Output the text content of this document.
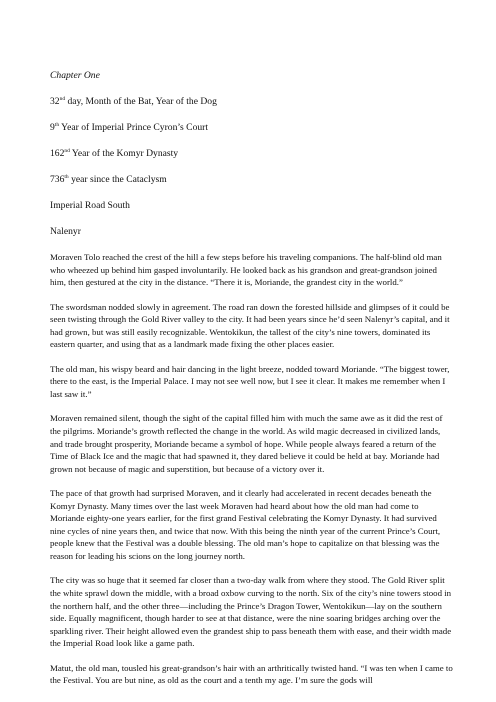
Chapter One
32nd day, Month of the Bat, Year of the Dog
9th Year of Imperial Prince Cyron’s Court
162nd Year of the Komyr Dynasty
736th year since the Cataclysm
Imperial Road South
Nalenyr

Moraven Tolo reached the crest of the hill a few steps before his traveling companions. The half-blind old man who wheezed up behind him gasped involuntarily. He looked back as his grandson and great-grandson joined him, then gestured at the city in the distance. “There it is, Moriande, the grandest city in the world.”

The swordsman nodded slowly in agreement. The road ran down the forested hillside and glimpses of it could be seen twisting through the Gold River valley to the city. It had been years since he’d seen Nalenyr’s capital, and it had grown, but was still easily recognizable. Wentokikun, the tallest of the city’s nine towers, dominated its eastern quarter, and using that as a landmark made fixing the other places easier.

The old man, his wispy beard and hair dancing in the light breeze, nodded toward Moriande. “The biggest tower, there to the east, is the Imperial Palace. I may not see well now, but I see it clear. It makes me remember when I last saw it.”

Moraven remained silent, though the sight of the capital filled him with much the same awe as it did the rest of the pilgrims. Moriande’s growth reflected the change in the world. As wild magic decreased in civilized lands, and trade brought prosperity, Moriande became a symbol of hope. While people always feared a return of the Time of Black Ice and the magic that had spawned it, they dared believe it could be held at bay. Moriande had grown not because of magic and superstition, but because of a victory over it.

The pace of that growth had surprised Moraven, and it clearly had accelerated in recent decades beneath the Komyr Dynasty. Many times over the last week Moraven had heard about how the old man had come to Moriande eighty-one years earlier, for the first grand Festival celebrating the Komyr Dynasty. It had survived nine cycles of nine years then, and twice that now. With this being the ninth year of the current Prince’s Court, people knew that the Festival was a double blessing. The old man’s hope to capitalize on that blessing was the reason for leading his scions on the long journey north.

The city was so huge that it seemed far closer than a two-day walk from where they stood. The Gold River split the white sprawl down the middle, with a broad oxbow curving to the north. Six of the city’s nine towers stood in the northern half, and the other three—including the Prince’s Dragon Tower, Wentokikun—lay on the southern side. Equally magnificent, though harder to see at that distance, were the nine soaring bridges arching over the sparkling river. Their height allowed even the grandest ship to pass beneath them with ease, and their width made the Imperial Road look like a game path.

Matut, the old man, tousled his great-grandson’s hair with an arthritically twisted hand. “I was ten when I came to the Festival. You are but nine, as old as the court and a tenth my age. I’m sure the gods will
